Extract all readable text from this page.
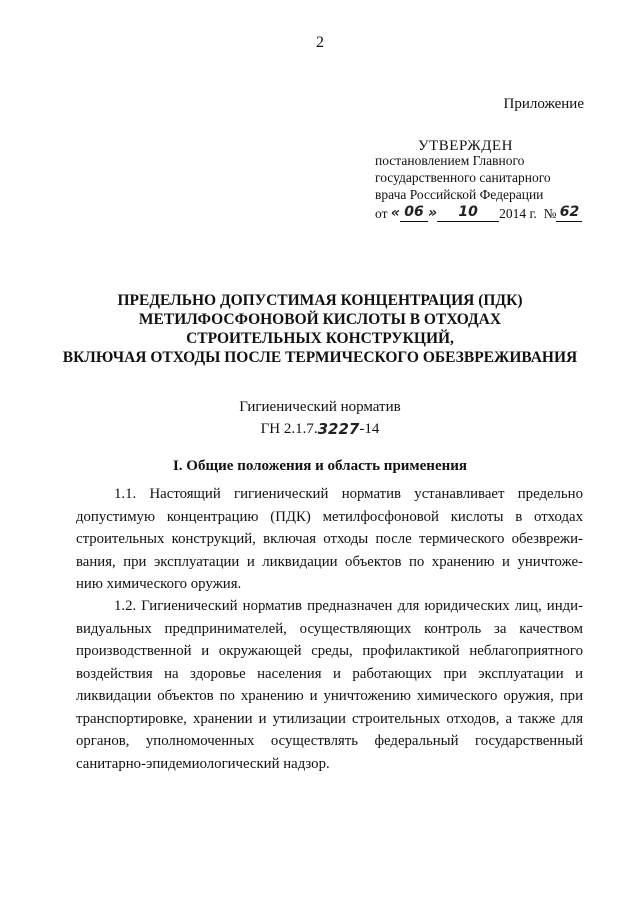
2
Приложение
УТВЕРЖДЕН
постановлением Главного
государственного санитарного
врача Российской Федерации
от
« 06 »	10	2014 г.
№ 62
ПРЕДЕЛЬНО ДОПУСТИМАЯ КОНЦЕНТРАЦИЯ (ПДК)
МЕТИЛФОСФОНОВОЙ КИСЛОТЫ В ОТХОДАХ
СТРОИТЕЛЬНЫХ КОНСТРУКЦИЙ,
ВКЛЮЧАЯ ОТХОДЫ ПОСЛЕ ТЕРМИЧЕСКОГО ОБЕЗВРЕЖИВАНИЯ
Гигиенический норматив
ГН 2.1.7. 3227 -14
I. Общие положения и область применения
1.1. Настоящий гигиенический норматив устанавливает предельно
допустимую концентрацию (ПДК) метилфосфоновой кислоты в отходах
строительных конструкций, включая отходы после термического обезврежи-
вания, при эксплуатации и ликвидации объектов по хранению и уничтоже-
нию химического оружия.
1.2. Гигиенический норматив предназначен для юридических лиц, инди-
видуальных предпринимателей, осуществляющих контроль за качеством
производственной и окружающей среды, профилактикой неблагоприятного
воздействия на здоровье населения и работающих при эксплуатации и
ликвидации объектов по хранению и уничтожению химического оружия, при
транспортировке, хранении и утилизации строительных отходов, а также для
органов, уполномоченных осуществлять федеральный государственный
санитарно-эпидемиологический надзор.
